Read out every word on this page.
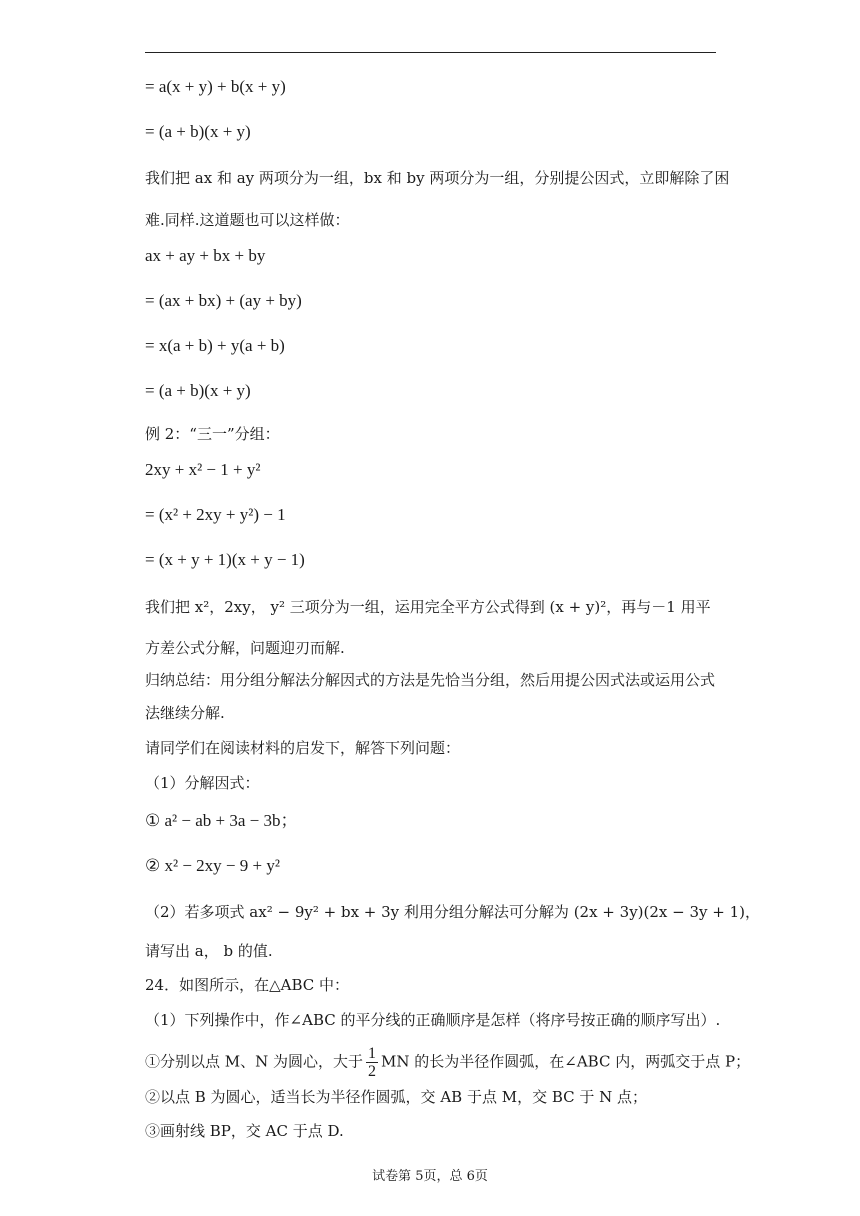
= a(x + y) + b(x + y)
= (a + b)(x + y)
我们把 ax 和 ay 两项分为一组，bx 和 by 两项分为一组，分别提公因式，立即解除了困
难.同样.这道题也可以这样做：
ax + ay + bx + by
= (ax + bx) + (ay + by)
= x(a + b) + y(a + b)
= (a + b)(x + y)
例 2：“三一”分组：
2xy + x² − 1 + y²
= (x² + 2xy + y²) − 1
= (x + y + 1)(x + y − 1)
我们把 x²，2xy， y² 三项分为一组，运用完全平方公式得到 (x + y)²，再与－1 用平
方差公式分解，问题迎刃而解.
归纳总结：用分组分解法分解因式的方法是先恰当分组，然后用提公因式法或运用公式
法继续分解.
请同学们在阅读材料的启发下，解答下列问题：
（1）分解因式：
① a² − ab + 3a − 3b；
② x² − 2xy − 9 + y²
（2）若多项式 ax² − 9y² + bx + 3y 利用分组分解法可分解为 (2x + 3y)(2x − 3y + 1)，
请写出 a， b 的值.
24．如图所示，在△ABC 中：
（1）下列操作中，作∠ABC 的平分线的正确顺序是怎样（将序号按正确的顺序写出）.
①分别以点 M、N 为圆心，大于 $\frac{1}{2}$ MN 的长为半径作圆弧，在∠ABC 内，两弧交于点 P；
②以点 B 为圆心，适当长为半径作圆弧，交 AB 于点 M，交 BC 于 N 点；
③画射线 BP，交 AC 于点 D.
试卷第 5页，总 6页
